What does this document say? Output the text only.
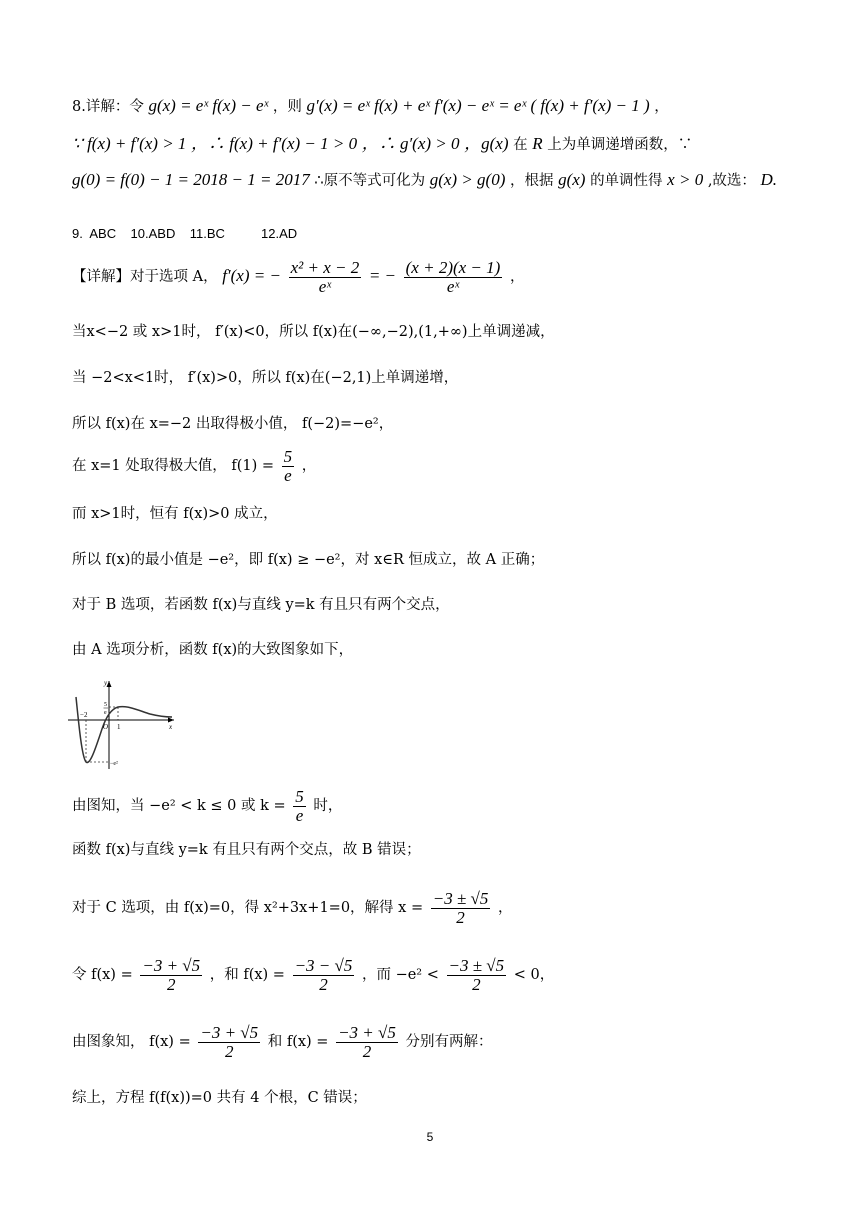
8.详解：令 g(x) = eˣ f(x) − eˣ ，则 g′(x) = eˣ f(x) + eˣ f′(x) − eˣ = eˣ ( f(x) + f′(x) − 1 ) ，
∵ f(x) + f′(x) > 1 ，∴ f(x) + f′(x) − 1 > 0 ，∴ g′(x) > 0 ，g(x) 在 R 上为单调递增函数，∵
g(0) = f(0) − 1 = 2018 − 1 = 2017 ∴原不等式可化为 g(x) > g(0) ，根据 g(x) 的单调性得 x > 0 ,故选： D.
9.  ABC    10.ABD    11.BC          12.AD
【详解】对于选项 A， f′(x) = − $\frac{\text{x² + x − 2}}{\text{eˣ}}$ = − $\frac{(x + 2)(x - 1)}{\text{eˣ}}$ ，
当x<−2 或 x>1时， f′(x)<0，所以 f(x)在(−∞,−2),(1,+∞)上单调递减，
当 −2<x<1时， f′(x)>0，所以 f(x)在(−2,1)上单调递增，
所以 f(x)在 x=−2 出取得极小值， f(−2)=−e²，
在 x=1 处取得极大值， $f(1) = \frac{5}{e}$ ，
而 x>1时，恒有 f(x)>0 成立，
所以 f(x)的最小值是 −e²，即 f(x) ≥ −e²，对 x∈R 恒成立，故 A 正确；
对于 B 选项，若函数 f(x)与直线 y=k 有且只有两个交点，
由 A 选项分析，函数 f(x)的大致图象如下，
y
x
O 1
−2
5
e
−e²
由图知，当 −e² < k ≤ 0 或 $k = \frac{5}{e}$ 时，
函数 f(x)与直线 y=k 有且只有两个交点，故 B 错误；
对于 C 选项，由 f(x)=0，得 x²+3x+1=0，解得 $x = \frac{-3 \pm √5}{2}$ ，
令 $f(x) = \frac{-3 + √5}{2}$ ，和 $f(x) = \frac{-3 - √5}{2}$ ，而 $-e^2 < \frac{-3 \pm √5}{2} < 0$，
由图象知， $f(x) = \frac{-3 + √5}{2}$ 和 $f(x) = \frac{-3 + √5}{2}$ 分别有两解：
综上，方程 f(f(x))=0 共有 4 个根，C 错误；
5
